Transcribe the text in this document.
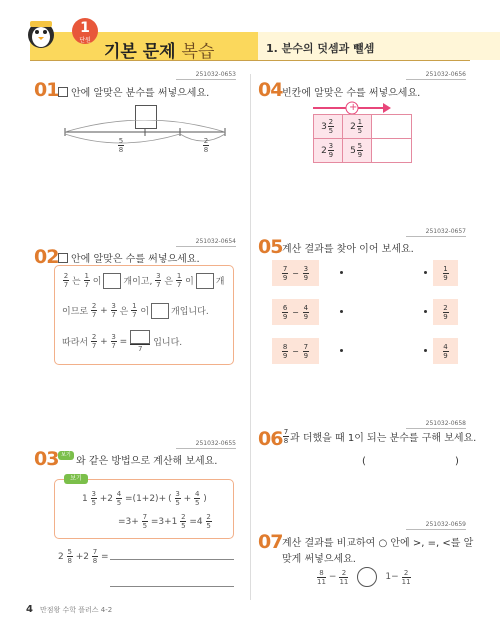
1
단원
기본 문제 복습	1. 분수의 덧셈과 뺄셈
251032-0653
01	안에 알맞은 분수를 써넣으세요.
5
8
2
8
251032-0654
02	안에 알맞은 수를 써넣으세요.
$\frac{2}{7}$ 는 $\frac{1}{7}$ 이 개이고, $\frac{3}{7}$ 은 $\frac{1}{7}$ 이 개
이므로 $\frac{2}{7} + \frac{3}{7}$ 은 $\frac{1}{7}$ 이 개입니다.
따라서 $\frac{2}{7} + \frac{3}{7}$ =
7
입니다.
251032-0655
03 보기
와 같은 방법으로 계산해 보세요.
보기
$1 \frac{3}{5} +2 \frac{4}{5} =(1+2)+$ ( $\frac{3}{5} + \frac{4}{5}$ )
$=3+ \frac{7}{5} =3+1 \frac{2}{5} =4 \frac{2}{5}$
$2 \frac{5}{8} +2 \frac{7}{8}$ =
251032-0656
04 빈칸에 알맞은 수를 써넣으세요.
+
$3 \frac{2}{5}$	$2 \frac{1}{5}$

$2 \frac{3}{9}$	$5 \frac{5}{9}$

251032-0657
05 계산 결과를 찾아 이어 보세요.
$\frac{7}{9} - \frac{3}{9}$
$\frac{6}{9} - \frac{4}{9}$
$\frac{8}{9} - \frac{7}{9}$
$\frac{1}{9}$
$\frac{2}{9}$
$\frac{4}{9}$
251032-0658
$06 \frac{7}{8}$ 과 더했을 때 1이 되는 분수를 구해 보세요.
(	)
251032-0659
07 계산 결과를 비교하여 ○ 안에 >, =, <를 알
맞게 써넣으세요.
$\frac{8}{11} - \frac{2}{11}$	$1- \frac{2}{11}$
4 만점왕 수학 플러스 4-2
